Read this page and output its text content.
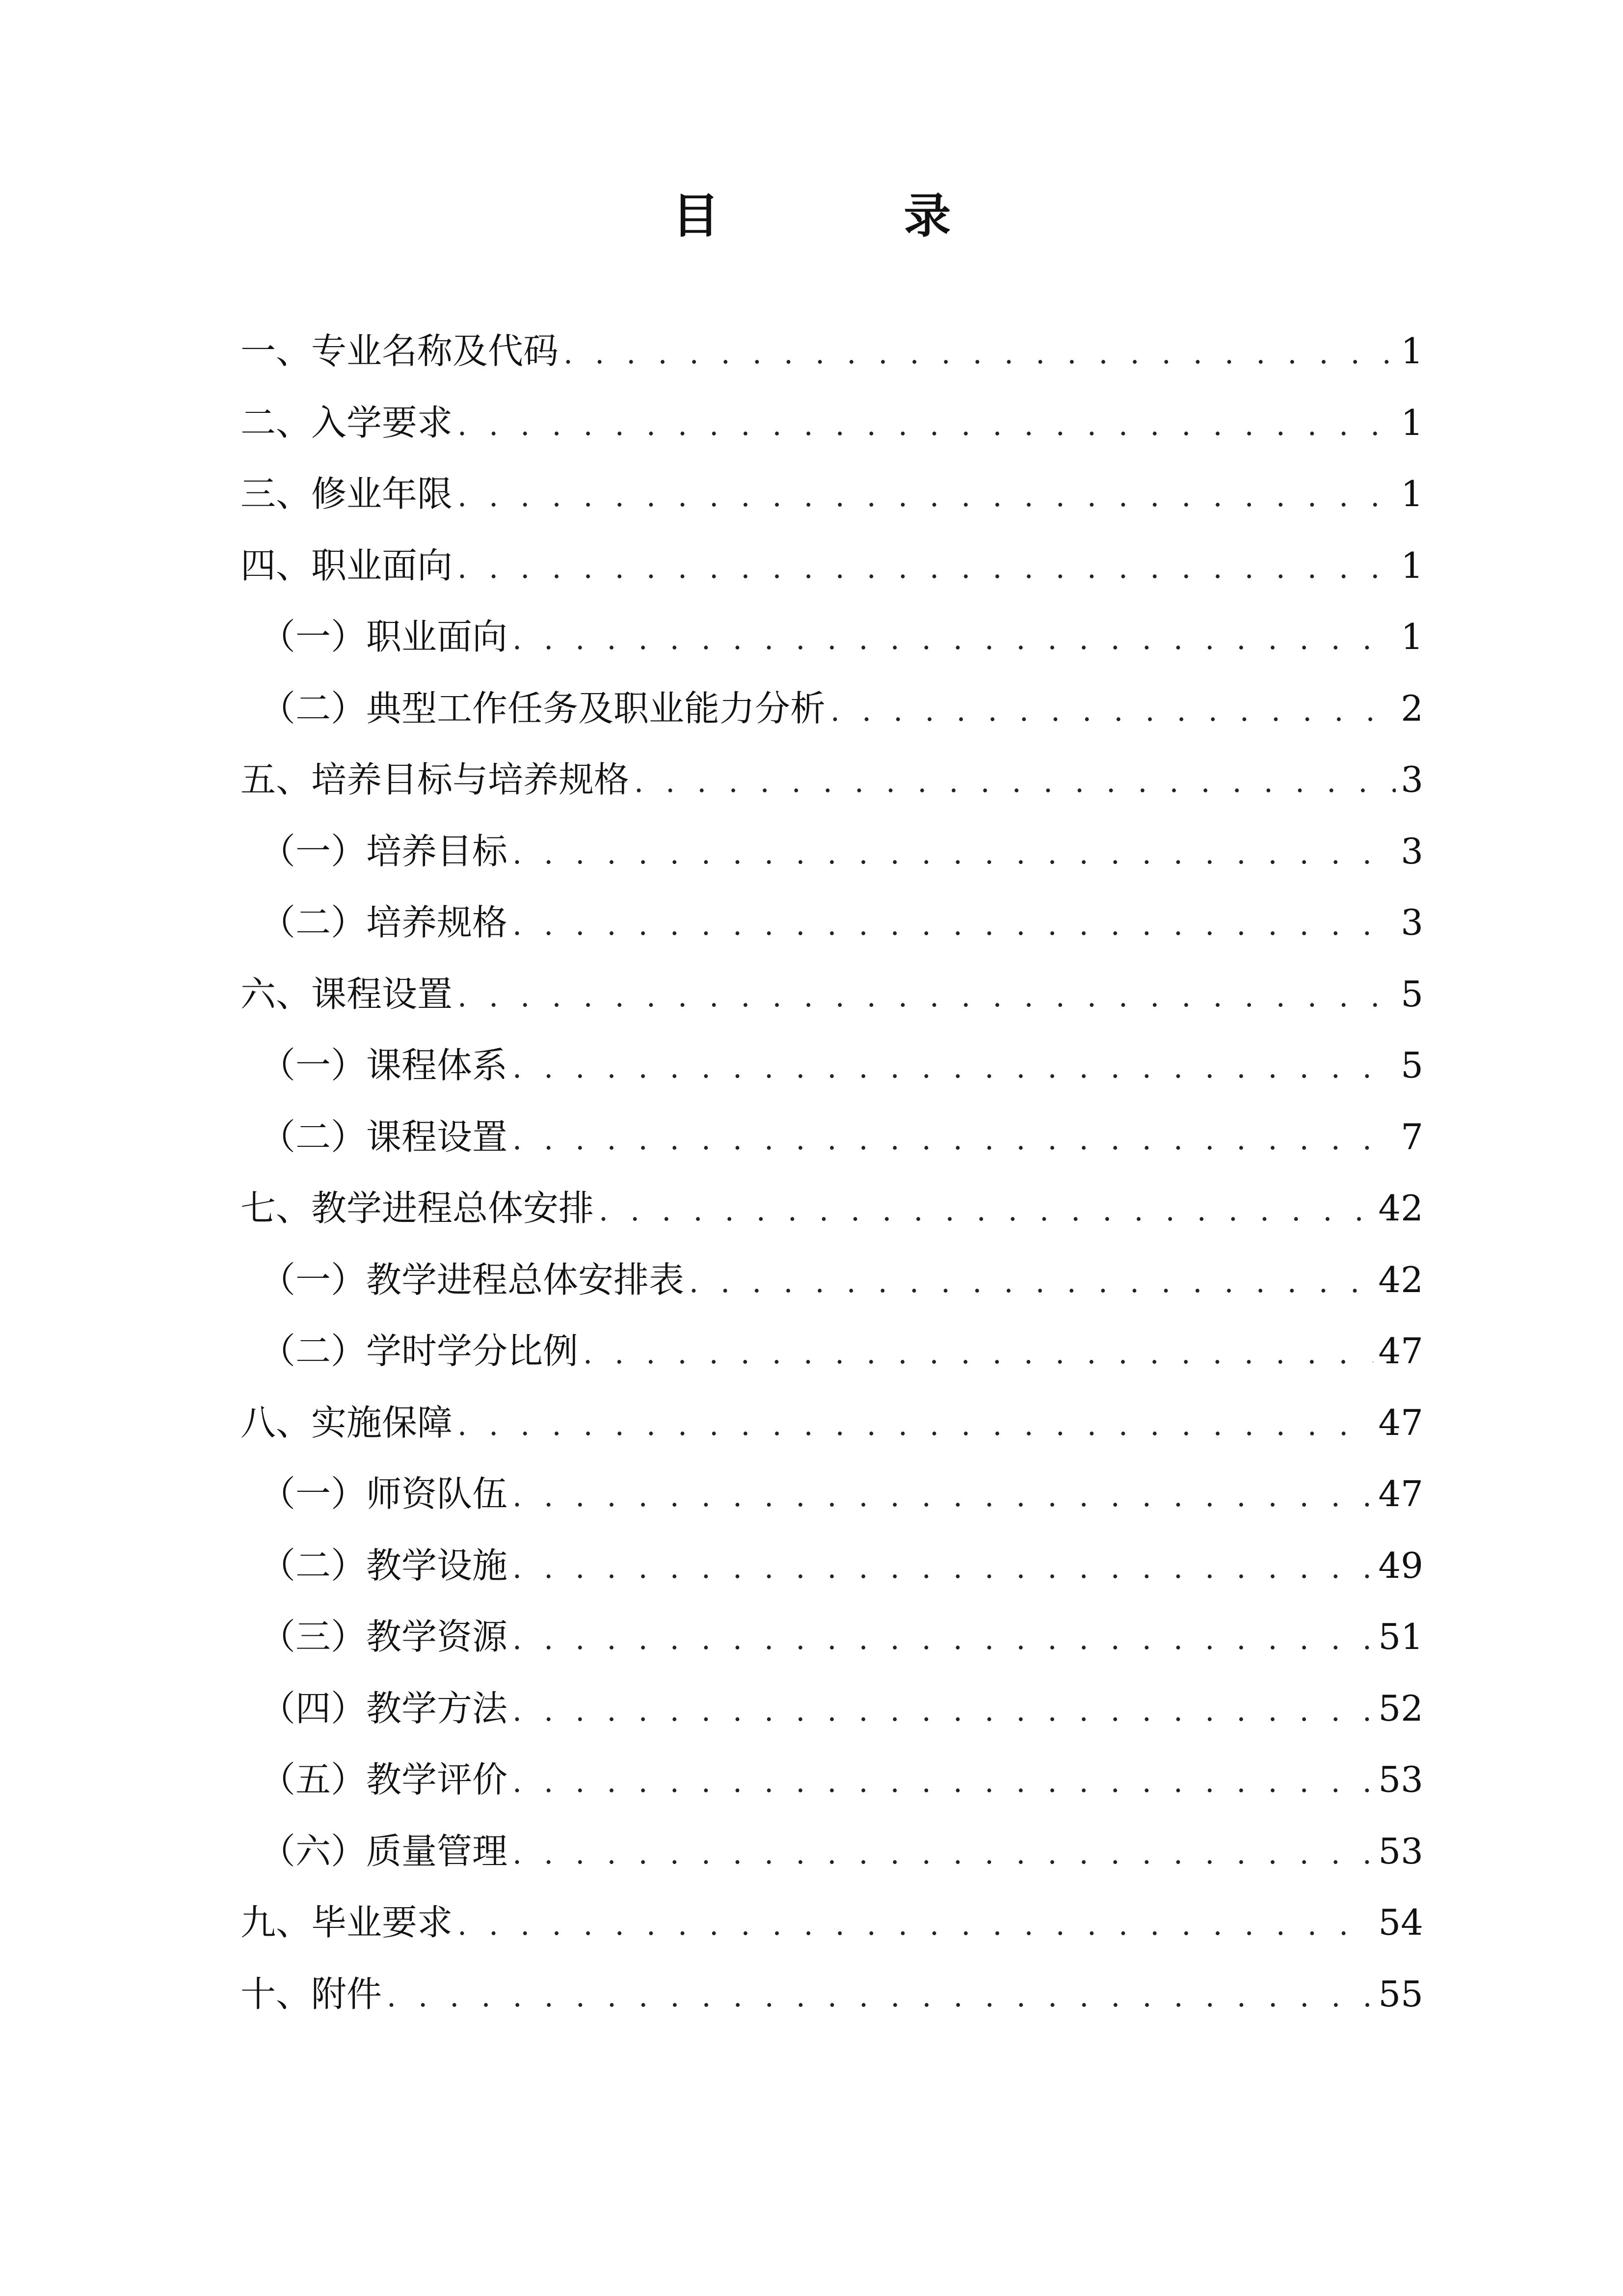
目　录
一、专业名称及代码 . . .	1
二、入学要求 . . .	1
三、修业年限 . . .	1
四、职业面向 . . .	1
（一）职业面向 . . .	1
（二）典型工作任务及职业能力分析 . . .	2
五、培养目标与培养规格 . . .	3
（一）培养目标 . . .	3
（二）培养规格 . . .	3
六、课程设置 . . .	5
（一）课程体系 . . .	5
（二）课程设置 . . .	7
七、教学进程总体安排 . . .	42
（一）教学进程总体安排表 . . .	42
（二）学时学分比例 . . .	47
八、实施保障 . . .	47
（一）师资队伍 . . .	47
（二）教学设施 . . .	49
（三）教学资源 . . .	51
（四）教学方法 . . .	52
（五）教学评价 . . .	53
（六）质量管理 . . .	53
九、毕业要求 . . .	54
十、附件 . . .	55
